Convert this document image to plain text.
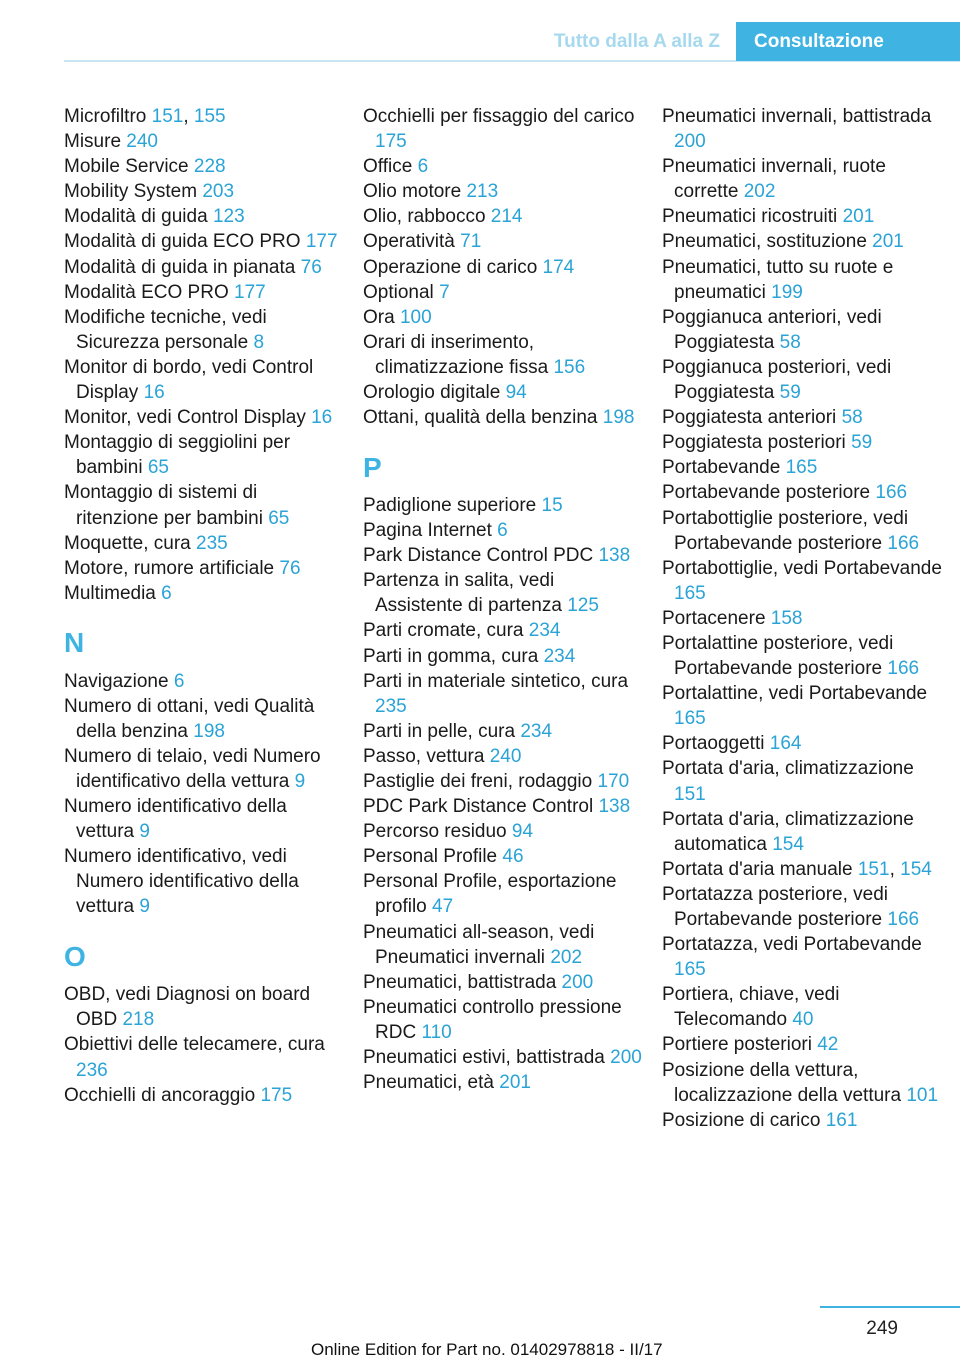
Tutto dalla A alla Z	Consultazione

Microfiltro 151, 155

Misure 240

Mobile Service 228

Mobility System 203

Modalità di guida 123

Modalità di guida ECO PRO 177

Modalità di guida in pianata 76

Modalità ECO PRO 177

Modifiche tecniche, vedi Sicurezza personale 8

Monitor di bordo, vedi Control Display 16

Monitor, vedi Control Display 16

Montaggio di seggiolini per bambini 65

Montaggio di sistemi di ritenzione per bambini 65

Moquette, cura 235

Motore, rumore artificiale 76

Multimedia 6

N

Navigazione 6

Numero di ottani, vedi Qualità della benzina 198

Numero di telaio, vedi Numero identificativo della vettura 9

Numero identificativo della vettura 9

Numero identificativo, vedi Numero identificativo della vettura 9

O

OBD, vedi Diagnosi on board OBD 218

Obiettivi delle telecamere, cura 236

Occhielli di ancoraggio 175

Occhielli per fissaggio del carico 175

Office 6

Olio motore 213

Olio, rabbocco 214

Operatività 71

Operazione di carico 174

Optional 7

Ora 100

Orari di inserimento, climatizzazione fissa 156

Orologio digitale 94

Ottani, qualità della benzina 198

P

Padiglione superiore 15

Pagina Internet 6

Park Distance Control PDC 138

Partenza in salita, vedi Assistente di partenza 125

Parti cromate, cura 234

Parti in gomma, cura 234

Parti in materiale sintetico, cura 235

Parti in pelle, cura 234

Passo, vettura 240

Pastiglie dei freni, rodaggio 170

PDC Park Distance Control 138

Percorso residuo 94

Personal Profile 46

Personal Profile, esportazione profilo 47

Pneumatici all-season, vedi Pneumatici invernali 202

Pneumatici, battistrada 200

Pneumatici controllo pressione RDC 110

Pneumatici estivi, battistrada 200

Pneumatici, età 201

Pneumatici invernali, battistrada 200

Pneumatici invernali, ruote corrette 202

Pneumatici ricostruiti 201

Pneumatici, sostituzione 201

Pneumatici, tutto su ruote e pneumatici 199

Poggianuca anteriori, vedi Poggiatesta 58

Poggianuca posteriori, vedi Poggiatesta 59

Poggiatesta anteriori 58

Poggiatesta posteriori 59

Portabevande 165

Portabevande posteriore 166

Portabottiglie posteriore, vedi Portabevande posteriore 166

Portabottiglie, vedi Portabevande 165

Portacenere 158

Portalattine posteriore, vedi Portabevande posteriore 166

Portalattine, vedi Portabevande 165

Portaoggetti 164

Portata d'aria, climatizzazione 151

Portata d'aria, climatizzazione automatica 154

Portata d'aria manuale 151, 154

Portatazza posteriore, vedi Portabevande posteriore 166

Portatazza, vedi Portabevande 165

Portiera, chiave, vedi Telecomando 40

Portiere posteriori 42

Posizione della vettura, localizzazione della vettura 101

Posizione di carico 161

249
Online Edition for Part no. 01402978818 - II/17
